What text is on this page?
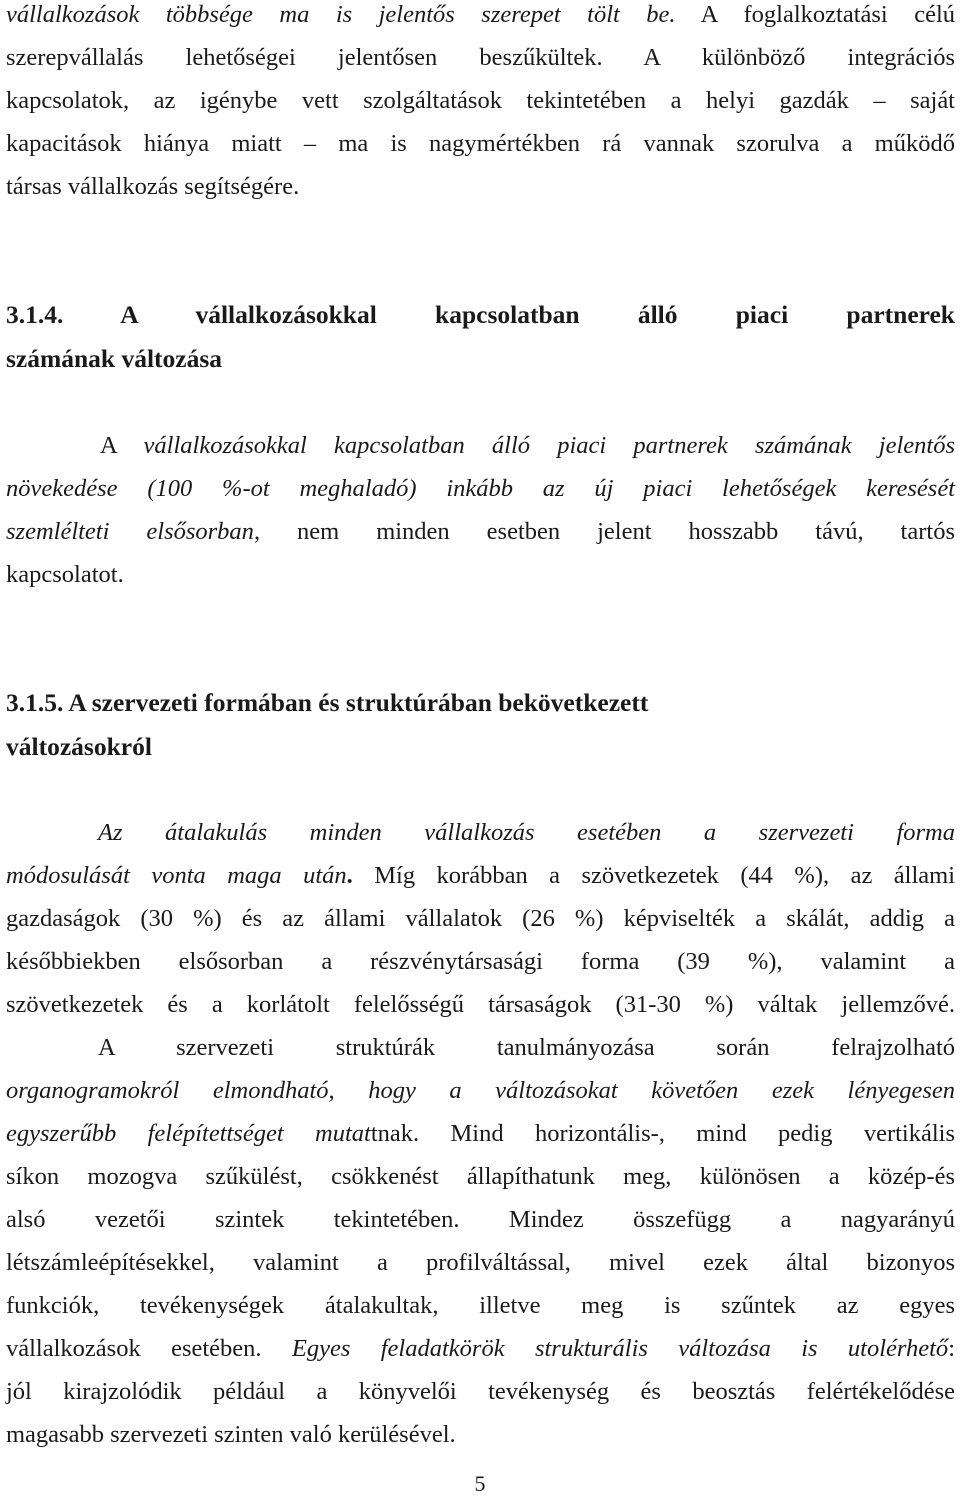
vállalkozások többsége ma is jelentős szerepet tölt be. A foglalkoztatási célú
szerepvállalás lehetőségei jelentősen beszűkültek. A különböző integrációs
kapcsolatok, az igénybe vett szolgáltatások tekintetében a helyi gazdák – saját
kapacitások hiánya miatt – ma is nagymértékben rá vannak szorulva a működő
társas vállalkozás segítségére.
3.1.4. A vállalkozásokkal kapcsolatban álló piaci partnerek
számának változása
A vállalkozásokkal kapcsolatban álló piaci partnerek számának jelentős
növekedése (100 %-ot meghaladó) inkább az új piaci lehetőségek keresését
szemlélteti elsősorban, nem minden esetben jelent hosszabb távú, tartós
kapcsolatot.
3.1.5. A szervezeti formában és struktúrában bekövetkezett
változásokról
Az átalakulás minden vállalkozás esetében a szervezeti forma
módosulását vonta maga után. Míg korábban a szövetkezetek (44 %), az állami
gazdaságok (30 %) és az állami vállalatok (26 %) képviselték a skálát, addig a
későbbiekben elsősorban a részvénytársasági forma (39 %), valamint a
szövetkezetek és a korlátolt felelősségű társaságok (31-30 %) váltak jellemzővé.
A szervezeti struktúrák tanulmányozása során felrajzolható
organogramokról elmondható, hogy a változásokat követően ezek lényegesen
egyszerűbb felépítettséget mutattnak. Mind horizontális-, mind pedig vertikális
síkon mozogva szűkülést, csökkenést állapíthatunk meg, különösen a közép-és
alsó vezetői szintek tekintetében. Mindez összefügg a nagyarányú
létszámleépítésekkel, valamint a profilváltással, mivel ezek által bizonyos
funkciók, tevékenységek átalakultak, illetve meg is szűntek az egyes
vállalkozások esetében. Egyes feladatkörök strukturális változása is utolérhető:
jól kirajzolódik például a könyvelői tevékenység és beosztás felértékelődése
magasabb szervezeti szinten való kerülésével.
5
